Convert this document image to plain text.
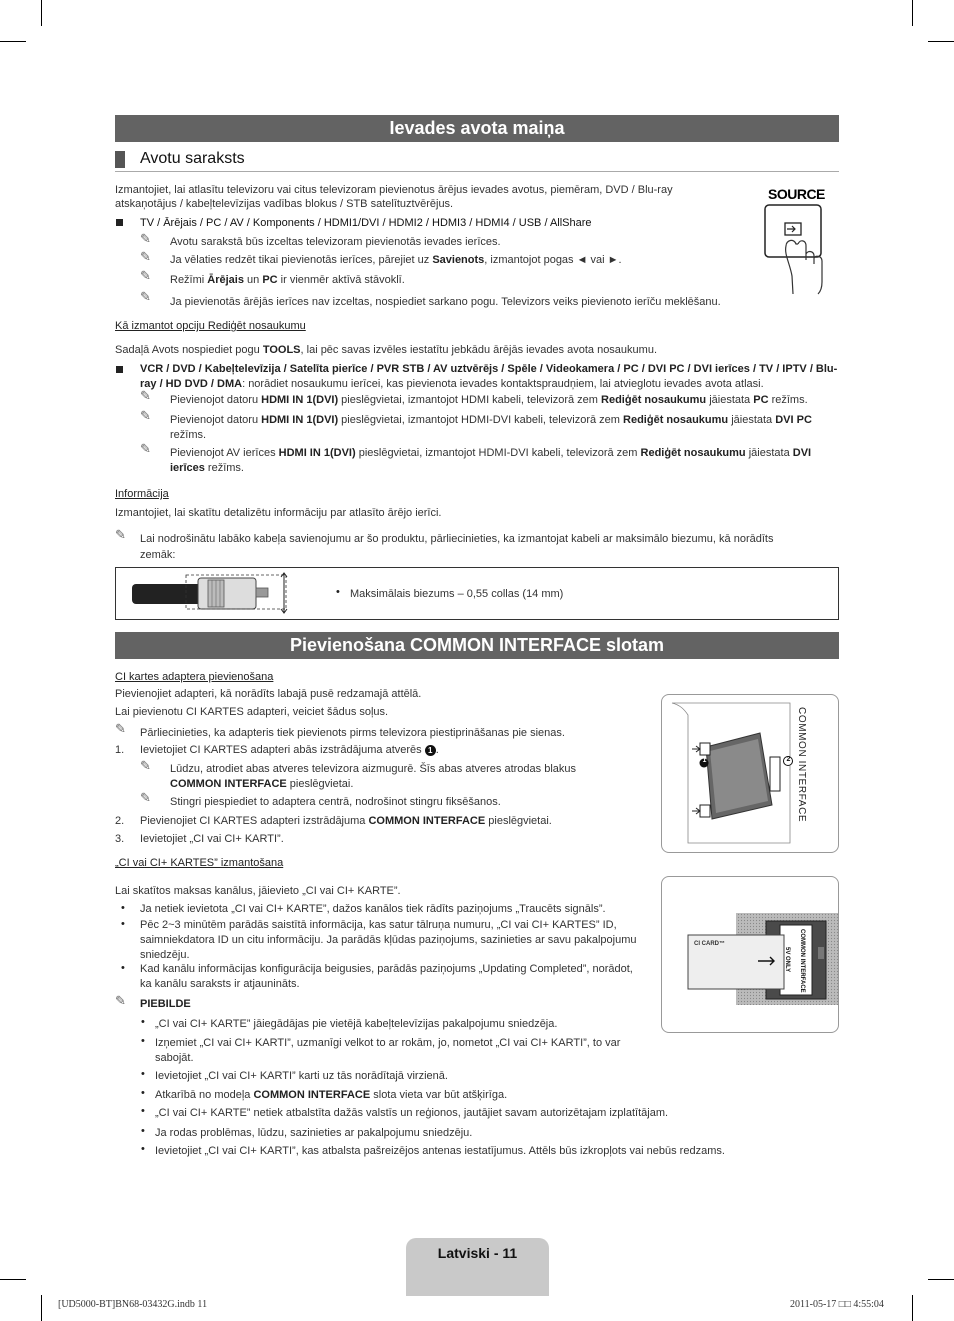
Ievades avota maiņa
Avotu saraksts
Izmantojiet, lai atlasītu televizoru vai citus televizoram pievienotus ārējus ievades avotus, piemēram, DVD / Blu-ray
atskaņotājus / kabeļtelevīzijas vadības blokus / STB satelītuztvērējus.
TV / Ārējais / PC / AV / Komponents / HDMI1/DVI / HDMI2 / HDMI3 / HDMI4 / USB / AllShare
✎ Avotu sarakstā būs izceltas televizoram pievienotās ievades ierīces.
✎ Ja vēlaties redzēt tikai pievienotās ierīces, pārejiet uz Savienots, izmantojot pogas ◄ vai ►.
✎ Režīmi Ārējais un PC ir vienmēr aktīvā stāvoklī.
✎ Ja pievienotās ārējās ierīces nav izceltas, nospiediet sarkano pogu. Televizors veiks pievienoto ierīču meklēšanu.
SOURCE
Kā izmantot opciju Rediģēt nosaukumu
Sadaļā Avots nospiediet pogu TOOLS, lai pēc savas izvēles iestatītu jebkādu ārējās ievades avota nosaukumu.
VCR / DVD / Kabeļtelevīzija / Satelīta pierīce / PVR STB / AV uztvērējs / Spēle / Videokamera / PC / DVI PC / DVI ierīces / TV / IPTV / Blu-
ray / HD DVD / DMA: norādiet nosaukumu ierīcei, kas pievienota ievades kontaktspraudņiem, lai atvieglotu ievades avota atlasi.
✎ Pievienojot datoru HDMI IN 1(DVI) pieslēgvietai, izmantojot HDMI kabeli, televizorā zem Rediģēt nosaukumu jāiestata PC režīms.
✎ Pievienojot datoru HDMI IN 1(DVI) pieslēgvietai, izmantojot HDMI-DVI kabeli, televizorā zem Rediģēt nosaukumu jāiestata DVI PC
režīms.
✎ Pievienojot AV ierīces HDMI IN 1(DVI) pieslēgvietai, izmantojot HDMI-DVI kabeli, televizorā zem Rediģēt nosaukumu jāiestata DVI
ierīces režīms.
Informācija
Izmantojiet, lai skatītu detalizētu informāciju par atlasīto ārējo ierīci.
✎ Lai nodrošinātu labāko kabeļa savienojumu ar šo produktu, pārliecinieties, ka izmantojat kabeli ar maksimālo biezumu, kā norādīts
zemāk:
• Maksimālais biezums – 0,55 collas (14 mm)
Pievienošana COMMON INTERFACE slotam
CI kartes adaptera pievienošana
Pievienojiet adapteri, kā norādīts labajā pusē redzamajā attēlā.
Lai pievienotu CI KARTES adapteri, veiciet šādus soļus.
✎ Pārliecinieties, ka adapteris tiek pievienots pirms televizora piestiprināšanas pie sienas.
1. Ievietojiet CI KARTES adapteri abās izstrādājuma atverēs 1 .
✎ Lūdzu, atrodiet abas atveres televizora aizmugurē. Šīs abas atveres atrodas blakus
COMMON INTERFACE pieslēgvietai.
✎ Stingri piespiediet to adaptera centrā, nodrošinot stingru fiksēšanos.
2. Pievienojiet CI KARTES adapteri izstrādājuma COMMON INTERFACE pieslēgvietai.
3. Ievietojiet „CI vai CI+ KARTI”.
1	2 COMMON INTERFACE
„CI vai CI+ KARTES” izmantošana
Lai skatītos maksas kanālus, jāievieto „CI vai CI+ KARTE”.
• Ja netiek ievietota „CI vai CI+ KARTE”, dažos kanālos tiek rādīts paziņojums „Traucēts signāls”.
• Pēc 2~3 minūtēm parādās saistītā informācija, kas satur tālruņa numuru, „CI vai CI+ KARTES” ID,
saimniekdatora ID un citu informāciju. Ja parādās kļūdas paziņojums, sazinieties ar savu pakalpojumu
sniedzēju.
• Kad kanālu informācijas konfigurācija beigusies, parādās paziņojums „Updating Completed”, norādot,
ka kanālu saraksts ir atjaunināts.
✎ PIEBILDE
• „CI vai CI+ KARTE” jāiegādājas pie vietējā kabeļtelevīzijas pakalpojumu sniedzēja.
• Izņemiet „CI vai CI+ KARTI”, uzmanīgi velkot to ar rokām, jo, nometot „CI vai CI+ KARTI”, to var
sabojāt.
• Ievietojiet „CI vai CI+ KARTI” karti uz tās norādītajā virzienā.
• Atkarībā no modeļa COMMON INTERFACE slota vieta var būt atšķirīga.
• „CI vai CI+ KARTE” netiek atbalstīta dažās valstīs un reģionos, jautājiet savam autorizētajam izplatītājam.
• Ja rodas problēmas, lūdzu, sazinieties ar pakalpojumu sniedzēju.
• Ievietojiet „CI vai CI+ KARTI”, kas atbalsta pašreizējos antenas iestatījumus. Attēls būs izkropļots vai nebūs redzams.
CI CARD™	COMMON INTERFACE
5V ONLY
Latviski - 11
[UD5000-BT]BN68-03432G.indb 11	2011-05-17 □□ 4:55:04
